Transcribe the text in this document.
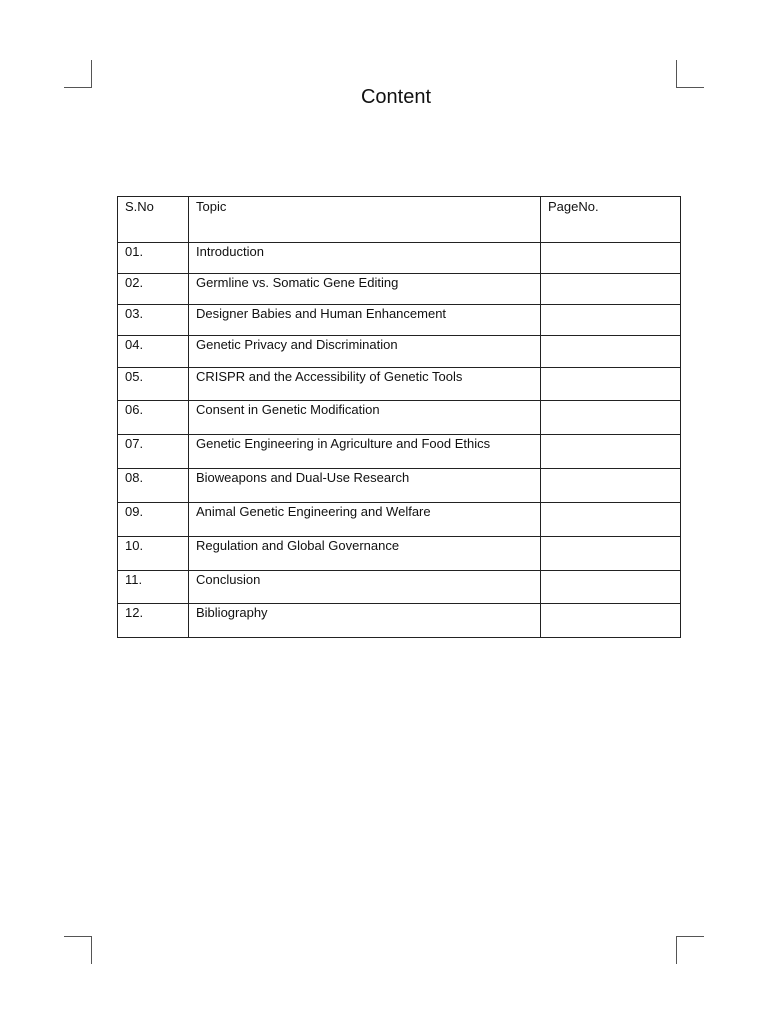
Content
S.No	Topic	PageNo.
01.	Introduction	
02.	Germline vs. Somatic Gene Editing	
03.	Designer Babies and Human Enhancement	
04.	Genetic Privacy and Discrimination	
05.	CRISPR and the Accessibility of Genetic Tools	
06.	Consent in Genetic Modification	
07.	Genetic Engineering in Agriculture and Food Ethics	
08.	Bioweapons and Dual-Use Research	
09.	Animal Genetic Engineering and Welfare	
10.	Regulation and Global Governance	
11.	Conclusion	
12.	Bibliography	
